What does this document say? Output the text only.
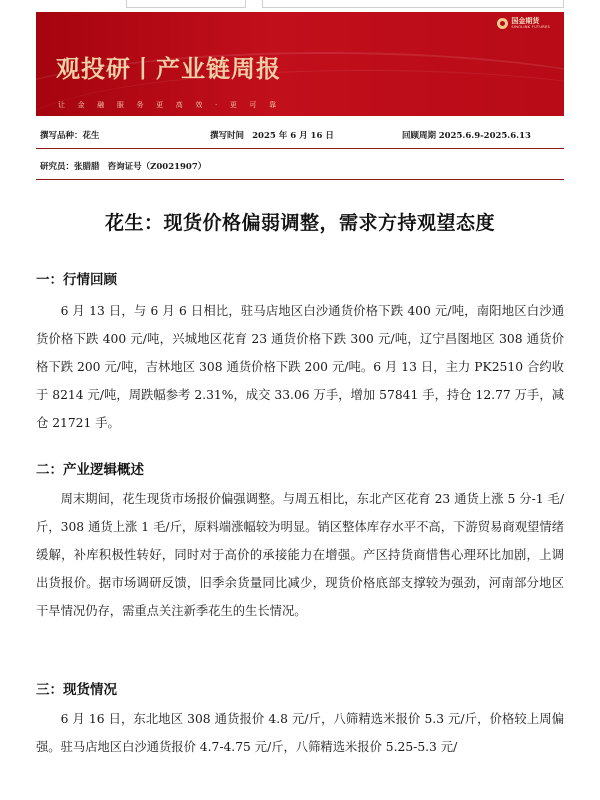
国金期货
SINOLINK FUTURES
观投研丨产业链周报
让 金 融 服 务 更 高 效 · 更 可 靠
撰写品种：花生	撰写时间 2025 年 6 月 16 日	回顾周期 2025.6.9-2025.6.13
研究员：张腊腊 咨询证号（Z0021907）
花生：现货价格偏弱调整，需求方持观望态度
一：行情回顾

6 月 13 日，与 6 月 6 日相比，驻马店地区白沙通货价格下跌 400 元/吨，南阳地区白沙通货价格下跌 400 元/吨，兴城地区花育 23 通货价格下跌 300 元/吨，辽宁昌图地区 308 通货价格下跌 200 元/吨，吉林地区 308 通货价格下跌 200 元/吨。6 月 13 日，主力 PK2510 合约收于 8214 元/吨，周跌幅参考 2.31%，成交 33.06 万手，增加 57841 手，持仓 12.77 万手，减仓 21721 手。

二：产业逻辑概述

周末期间，花生现货市场报价偏强调整。与周五相比，东北产区花育 23 通货上涨 5 分-1 毛/斤，308 通货上涨 1 毛/斤，原料端涨幅较为明显。销区整体库存水平不高，下游贸易商观望情绪缓解，补库积极性转好，同时对于高价的承接能力在增强。产区持货商惜售心理环比加剧，上调出货报价。据市场调研反馈，旧季余货量同比减少，现货价格底部支撑较为强劲，河南部分地区干旱情况仍存，需重点关注新季花生的生长情况。

三：现货情况

6 月 16 日，东北地区 308 通货报价 4.8 元/斤，八筛精选米报价 5.3 元/斤，价格较上周偏强。驻马店地区白沙通货报价 4.7-4.75 元/斤，八筛精选米报价 5.25-5.3 元/
